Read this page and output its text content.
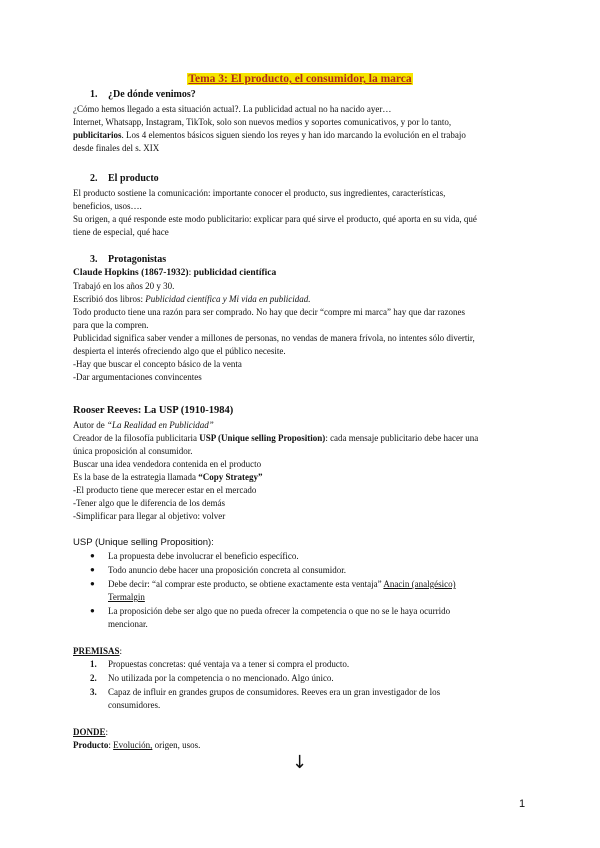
Tema 3: El producto, el consumidor, la marca
1. ¿De dónde venimos?
¿Cómo hemos llegado a esta situación actual?. La publicidad actual no ha nacido ayer…
Internet, Whatsapp, Instagram, TikTok, solo son nuevos medios y soportes comunicativos, y por lo tanto,
publicitarios. Los 4 elementos básicos siguen siendo los reyes y han ido marcando la evolución en el trabajo
desde finales del s. XIX
2. El producto
El producto sostiene la comunicación: importante conocer el producto, sus ingredientes, características,
beneficios, usos….
Su origen, a qué responde este modo publicitario: explicar para qué sirve el producto, qué aporta en su vida, qué
tiene de especial, qué hace
3. Protagonistas
Claude Hopkins (1867-1932): publicidad científica
Trabajó en los años 20 y 30.
Escribió dos libros: Publicidad científica y Mi vida en publicidad.
Todo producto tiene una razón para ser comprado. No hay que decir “compre mi marca” hay que dar razones
para que la compren.
Publicidad significa saber vender a millones de personas, no vendas de manera frívola, no intentes sólo divertir,
despierta el interés ofreciendo algo que el público necesite.
-Hay que buscar el concepto básico de la venta
-Dar argumentaciones convincentes
Rooser Reeves: La USP (1910-1984)
Autor de “La Realidad en Publicidad”
Creador de la filosofía publicitaria USP (Unique selling Proposition): cada mensaje publicitario debe hacer una
única proposición al consumidor.
Buscar una idea vendedora contenida en el producto
Es la base de la estrategia llamada “Copy Strategy”
-El producto tiene que merecer estar en el mercado
-Tener algo que le diferencia de los demás
-Simplificar para llegar al objetivo: volver
USP (Unique selling Proposition):
● La propuesta debe involucrar el beneficio específico.
● Todo anuncio debe hacer una proposición concreta al consumidor.
● Debe decir: “al comprar este producto, se obtiene exactamente esta ventaja” Anacin (analgésico)
Termalgin
● La proposición debe ser algo que no pueda ofrecer la competencia o que no se le haya ocurrido
mencionar.
PREMISAS:
1. Propuestas concretas: qué ventaja va a tener si compra el producto.
2. No utilizada por la competencia o no mencionado. Algo único.
3. Capaz de influir en grandes grupos de consumidores. Reeves era un gran investigador de los
consumidores.
DONDE:
Producto: Evolución, origen, usos.
↓
1
